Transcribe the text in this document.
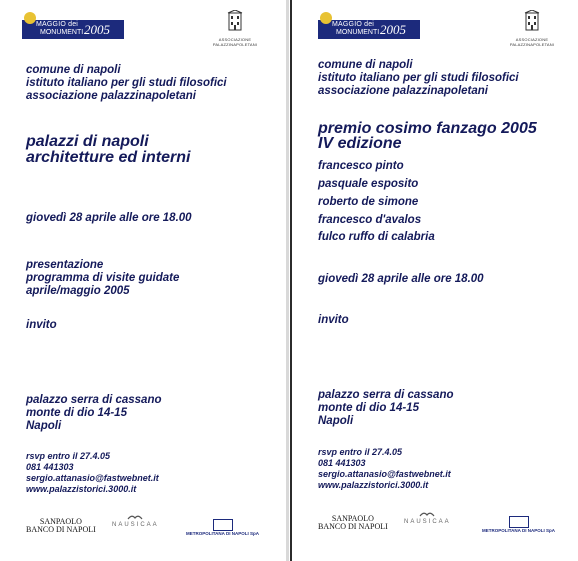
MAGGIO dei
MONUMENTI 2005
ASSOCIAZIONE
PALAZZINAPOLETANI
comune di napoli
istituto italiano per gli studi filosofici
associazione palazzinapoletani
palazzi di napoli
architetture ed interni
giovedì 28 aprile alle ore 18.00
presentazione
programma di visite guidate
aprile/maggio 2005
invito
palazzo serra di cassano
monte di dio 14-15
Napoli
rsvp entro il 27.4.05
081 441303
sergio.attanasio@fastwebnet.it
www.palazzistorici.3000.it
SANPAOLO
BANCO DI NAPOLI	NAUSICAA
METROPOLITANA DI NAPOLI SpA
MAGGIO dei
MONUMENTI 2005
ASSOCIAZIONE
PALAZZINAPOLETANI
comune di napoli
istituto italiano per gli studi filosofici
associazione palazzinapoletani
premio cosimo fanzago 2005
IV edizione
francesco pinto
pasquale esposito
roberto de simone
francesco d'avalos
fulco ruffo di calabria
giovedì 28 aprile alle ore 18.00
invito
palazzo serra di cassano
monte di dio 14-15
Napoli
rsvp entro il 27.4.05
081 441303
sergio.attanasio@fastwebnet.it
www.palazzistorici.3000.it
SANPAOLO
BANCO DI NAPOLI	NAUSICAA
METROPOLITANA DI NAPOLI SpA
